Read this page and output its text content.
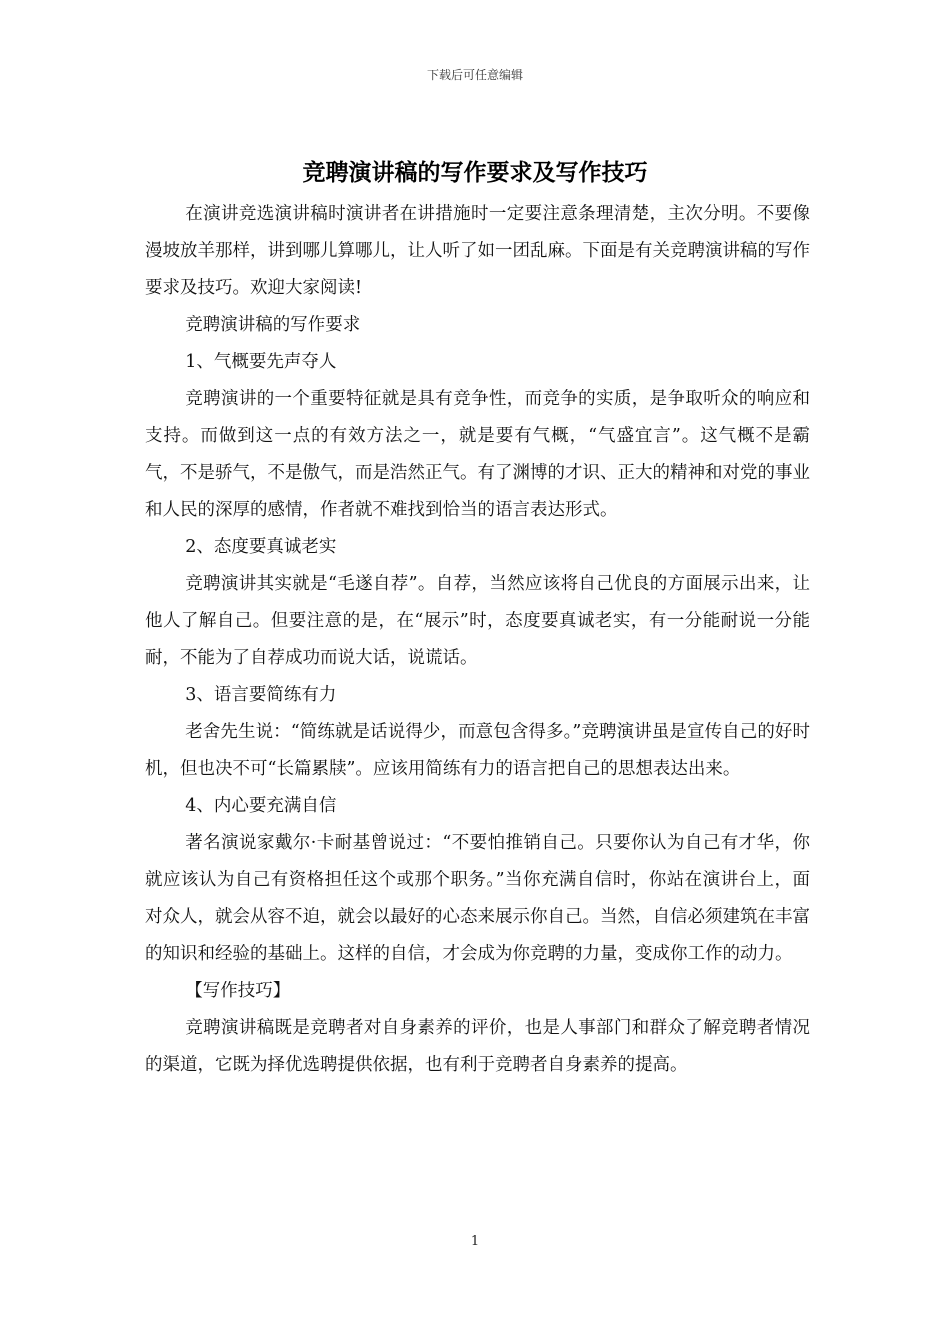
下载后可任意编辑
竞聘演讲稿的写作要求及写作技巧

在演讲竞选演讲稿时演讲者在讲措施时一定要注意条理清楚，主次分明。不要像漫坡放羊那样，讲到哪儿算哪儿，让人听了如一团乱麻。下面是有关竞聘演讲稿的写作要求及技巧。欢迎大家阅读!

竞聘演讲稿的写作要求

1、气概要先声夺人

竞聘演讲的一个重要特征就是具有竞争性，而竞争的实质，是争取听众的响应和支持。而做到这一点的有效方法之一，就是要有气概，“气盛宜言”。这气概不是霸气，不是骄气，不是傲气，而是浩然正气。有了渊博的才识、正大的精神和对党的事业和人民的深厚的感情，作者就不难找到恰当的语言表达形式。

2、态度要真诚老实

竞聘演讲其实就是“毛遂自荐”。自荐，当然应该将自己优良的方面展示出来，让他人了解自己。但要注意的是，在“展示”时，态度要真诚老实，有一分能耐说一分能耐，不能为了自荐成功而说大话，说谎话。

3、语言要简练有力

老舍先生说：“简练就是话说得少，而意包含得多。”竞聘演讲虽是宣传自己的好时机，但也决不可“长篇累牍”。应该用简练有力的语言把自己的思想表达出来。

4、内心要充满自信

著名演说家戴尔·卡耐基曾说过：“不要怕推销自己。只要你认为自己有才华，你就应该认为自己有资格担任这个或那个职务。”当你充满自信时，你站在演讲台上，面对众人，就会从容不迫，就会以最好的心态来展示你自己。当然，自信必须建筑在丰富的知识和经验的基础上。这样的自信，才会成为你竞聘的力量，变成你工作的动力。

【写作技巧】

竞聘演讲稿既是竞聘者对自身素养的评价，也是人事部门和群众了解竞聘者情况的渠道，它既为择优选聘提供依据，也有利于竞聘者自身素养的提高。

1
